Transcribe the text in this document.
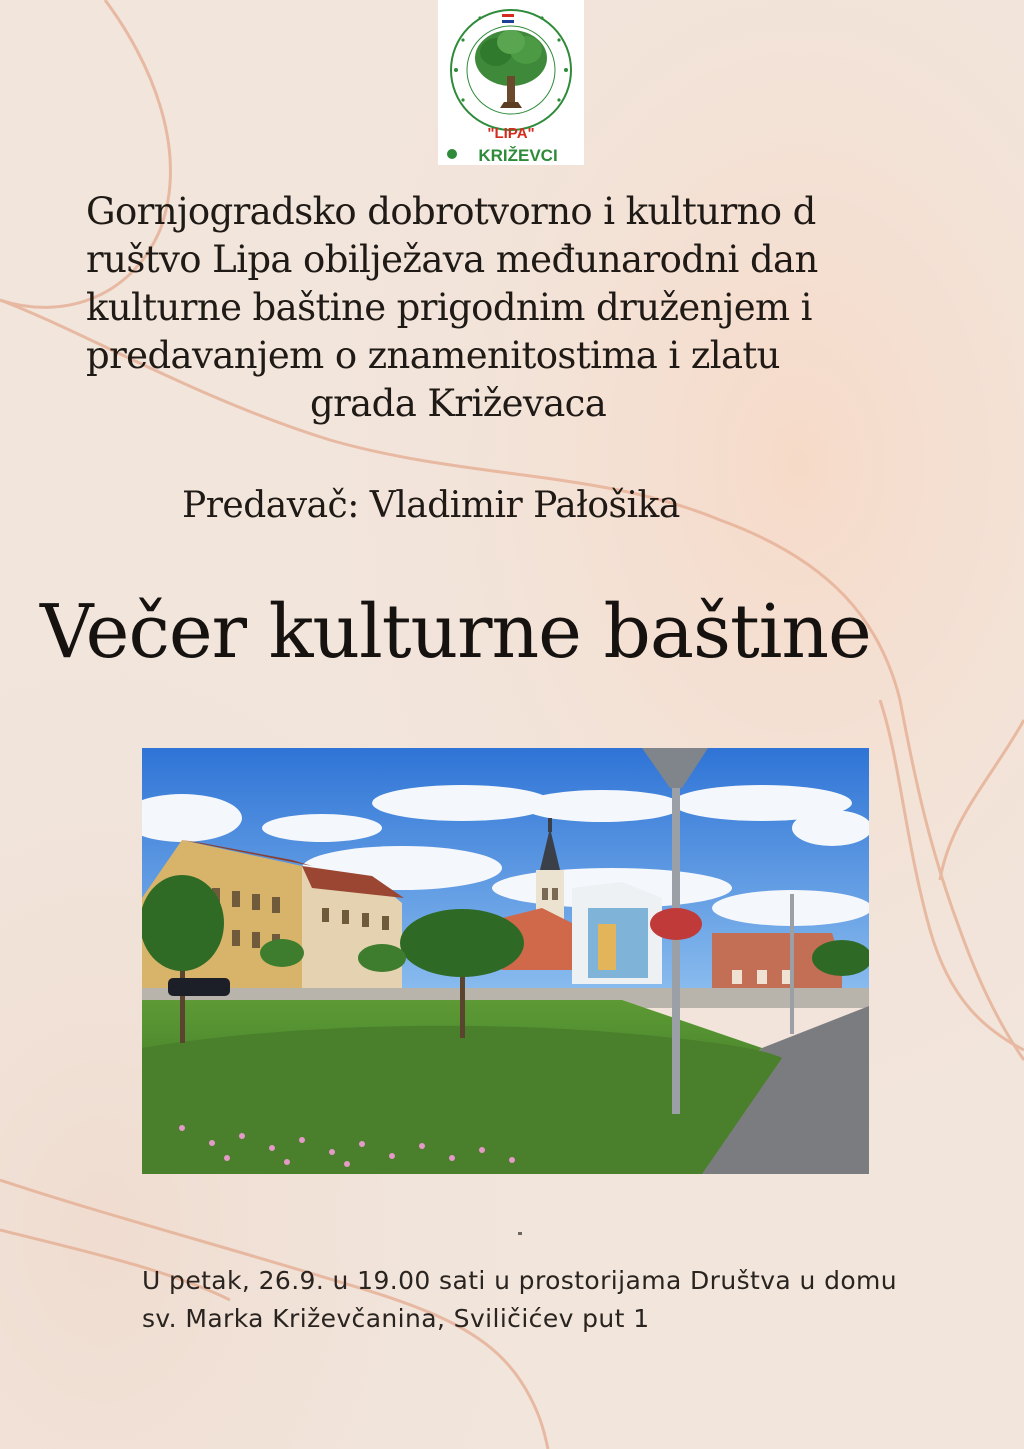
"LIPA"
KRIŽEVCI
Gornjogradsko dobrotvorno i kulturno d
ruštvo Lipa obilježava međunarodni dan
kulturne baštine prigodnim druženjem i
predavanjem o znamenitostima i zlatu
grada Križevaca
Predavač: Vladimir Pałošika
Večer kulturne baštine
U petak, 26.9. u 19.00 sati u prostorijama Društva u domu
sv. Marka Križevčanina, Sviličićev put 1
